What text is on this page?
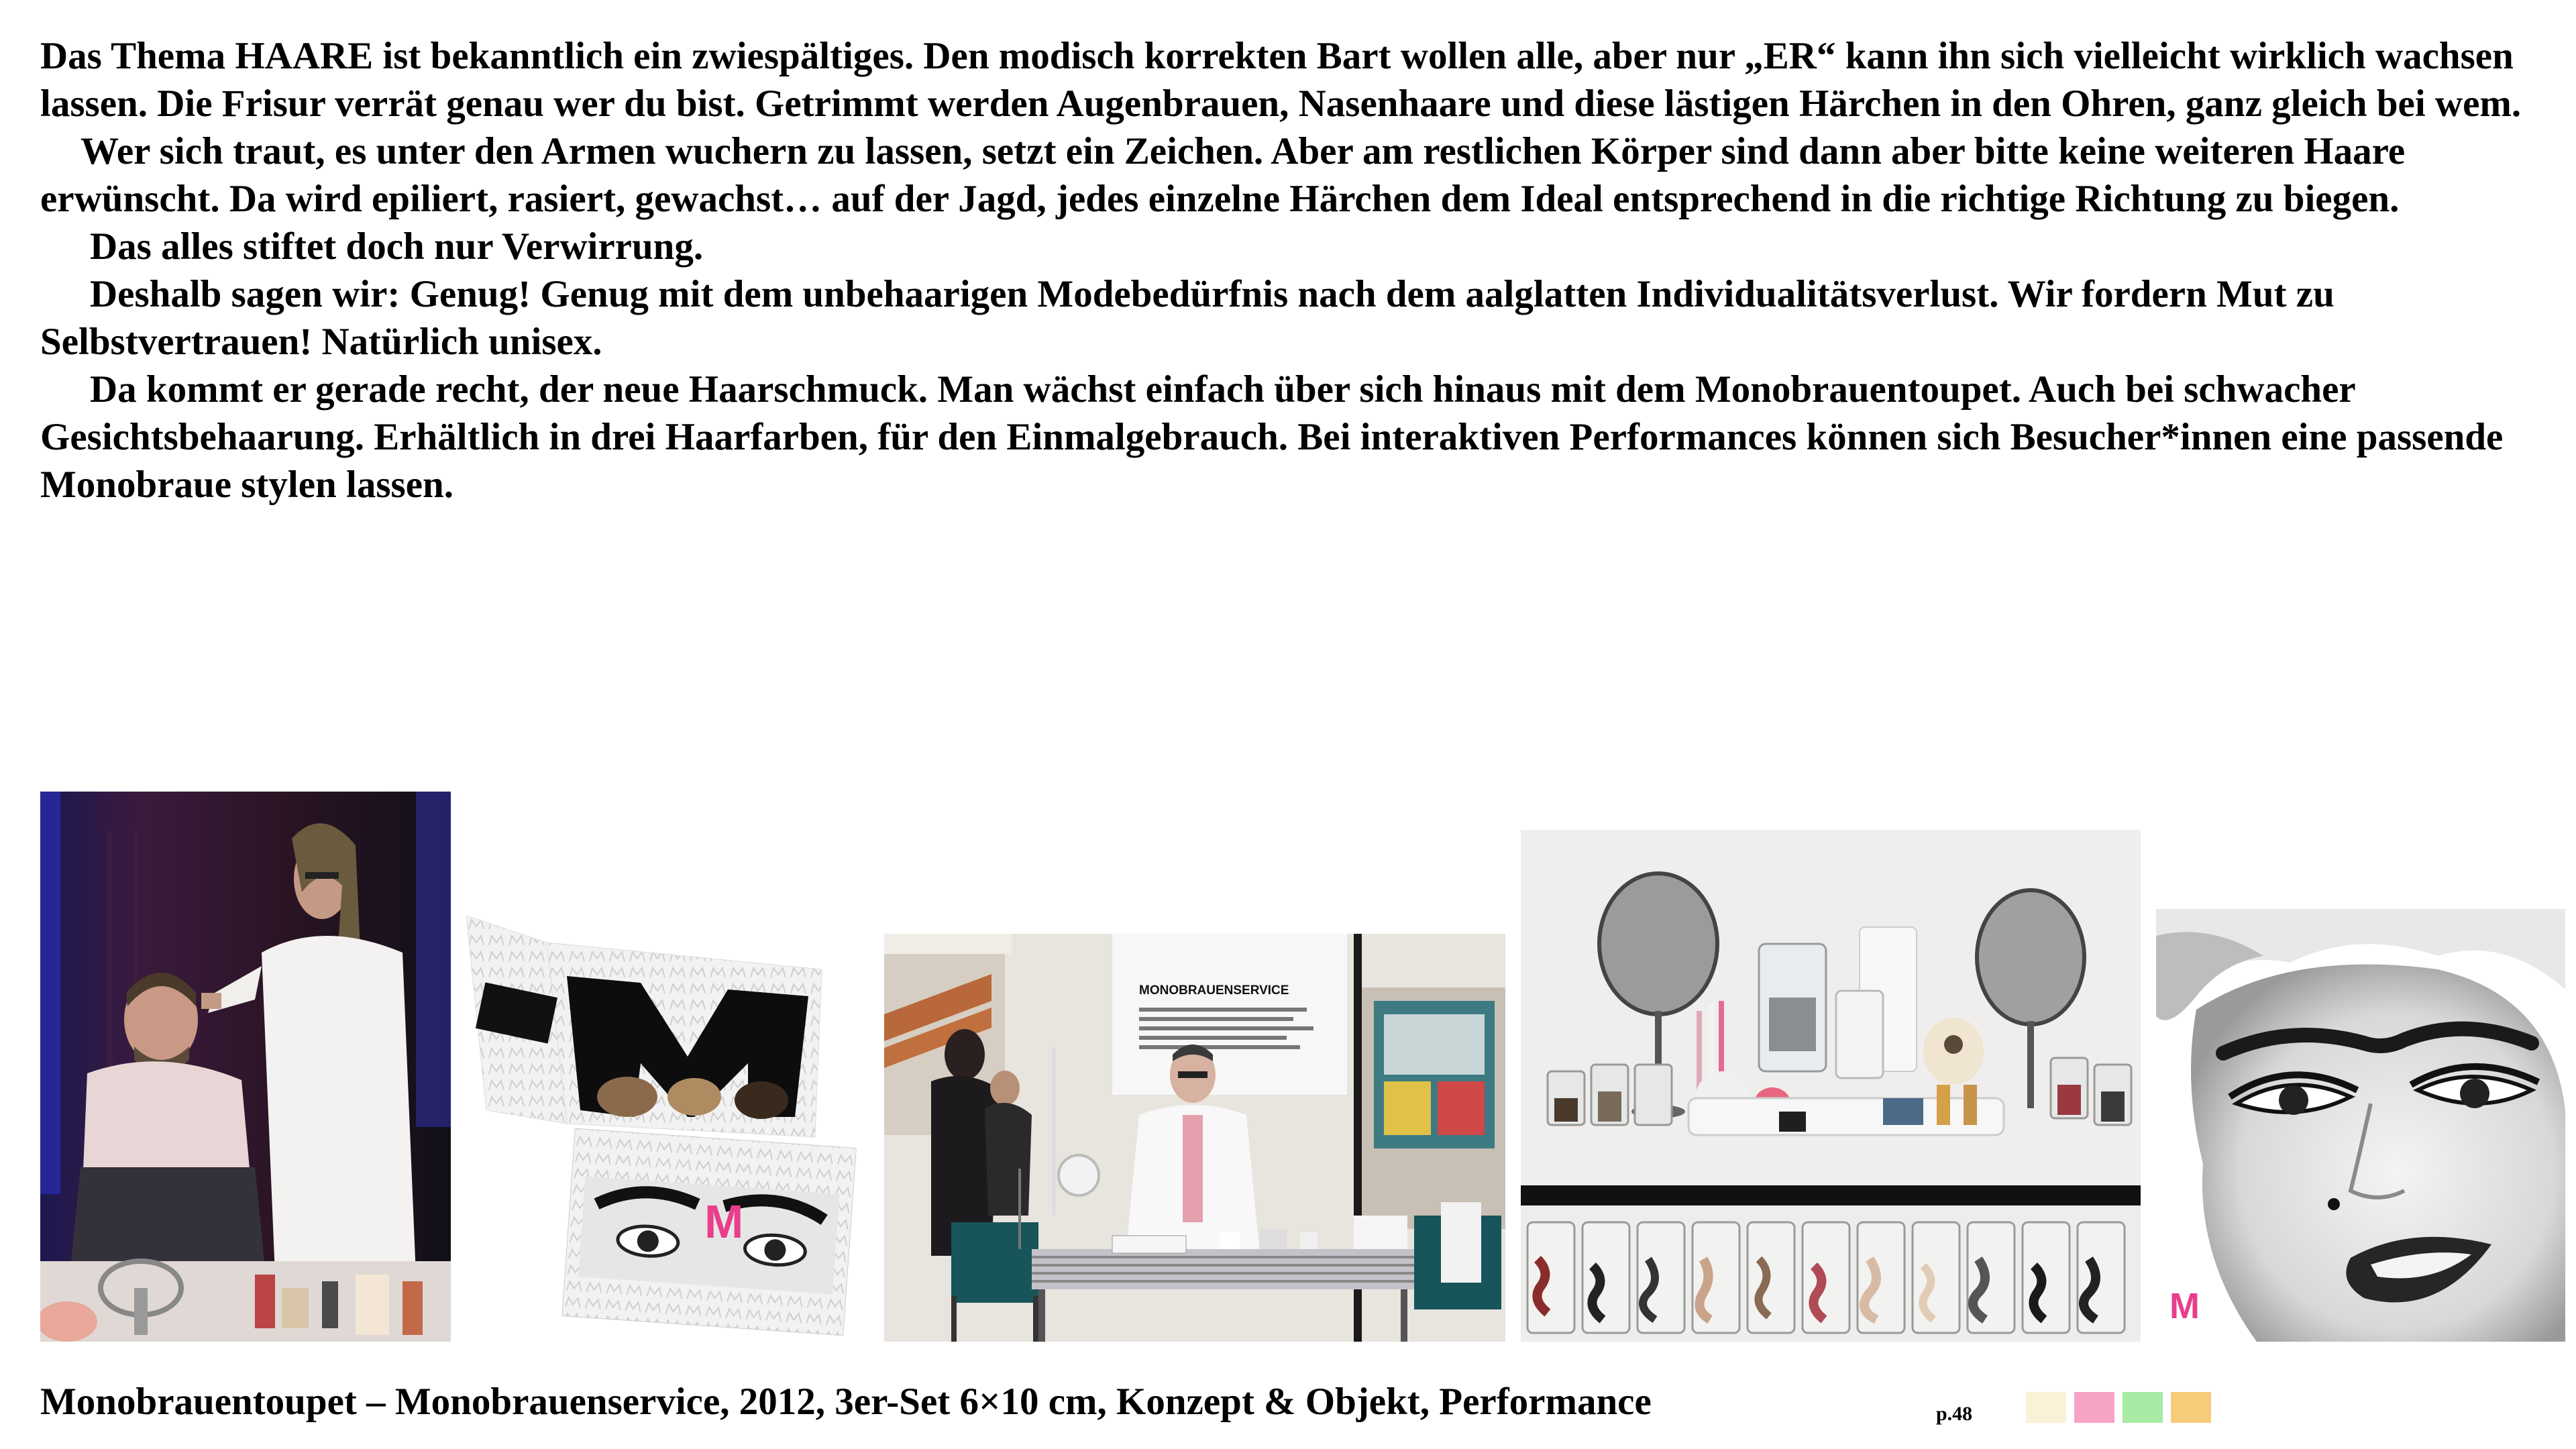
Das Thema HAARE ist bekanntlich ein zwiespältiges. Den modisch korrekten Bart wollen alle, aber nur „ER“ kann ihn sich vielleicht wirklich wachsen lassen. Die Frisur verrät genau wer du bist. Getrimmt werden Augenbrauen, Nasenhaare und diese lästigen Härchen in den Ohren, ganz gleich bei wem.

Wer sich traut, es unter den Armen wuchern zu lassen, setzt ein Zeichen. Aber am restlichen Körper sind dann aber bitte keine weiteren Haare erwünscht. Da wird epiliert, rasiert, gewachst… auf der Jagd, jedes einzelne Härchen dem Ideal entsprechend in die richtige Richtung zu biegen.

Das alles stiftet doch nur Verwirrung.

Deshalb sagen wir: Genug! Genug mit dem unbehaarigen Modebedürfnis nach dem aalglatten Individualitätsverlust. Wir fordern Mut zu Selbstvertrauen! Natürlich unisex.

Da kommt er gerade recht, der neue Haarschmuck. Man wächst einfach über sich hinaus mit dem Monobrauentoupet. Auch bei schwacher Gesichtsbehaarung. Erhältlich in drei Haarfarben, für den Einmalgebrauch. Bei interaktiven Performances können sich Besucher*innen eine passende Monobraue stylen lassen.

M
MONOBRAUENSERVICE
M
Monobrauentoupet – Monobrauenservice, 2012, 3er-Set 6×10 cm, Konzept & Objekt, Performance	p.48
